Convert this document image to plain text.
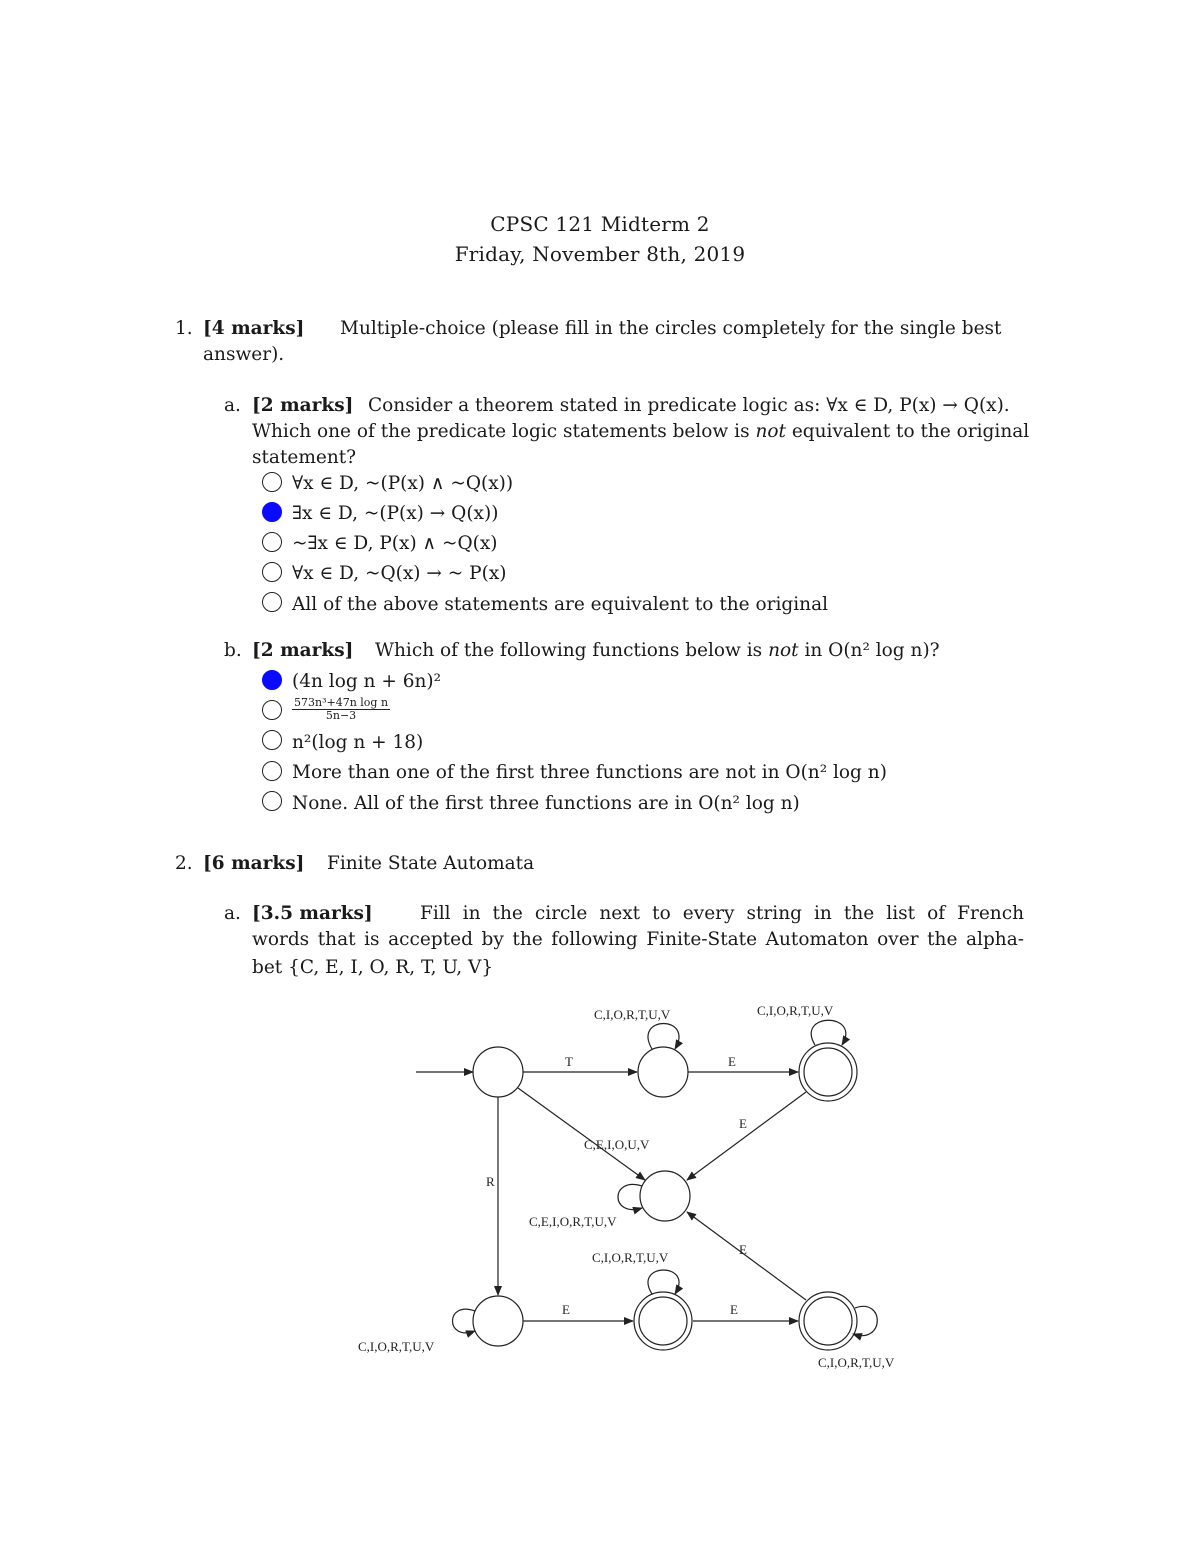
CPSC 121 Midterm 2
Friday, November 8th, 2019
1. [4 marks] Multiple-choice (please fill in the circles completely for the single best
answer).
a. [2 marks] Consider a theorem stated in predicate logic as: ∀x ∈ D, P(x) → Q(x).
Which one of the predicate logic statements below is not equivalent to the original
statement?
∀x ∈ D, ~(P(x) ∧ ~Q(x))
∃x ∈ D, ~(P(x) → Q(x))
~∃x ∈ D, P(x) ∧ ~Q(x)
∀x ∈ D, ~Q(x) → ~ P(x)
All of the above statements are equivalent to the original
b. [2 marks] Which of the following functions below is not in O(n² log n)?
(4n log n + 6n)²
$\frac{\text{573n³+47n log n}}{5n-3}$
n²(log n + 18)
More than one of the first three functions are not in O(n² log n)
None. All of the first three functions are in O(n² log n)
2. [6 marks] Finite State Automata
a. [3.5 marks]	Fill in the circle next to every string in the list of French
words that is accepted by the following Finite-State Automaton over the alpha-
bet {C, E, I, O, R, T, U, V}
C,I,O,R,T,U,V	C,I,O,R,T,U,V
T	E
E
C,E,I,O,U,V
R
C,E,I,O,R,T,U,V
E
C,I,O,R,T,U,V
E	E
C,I,O,R,T,U,V
C,I,O,R,T,U,V
